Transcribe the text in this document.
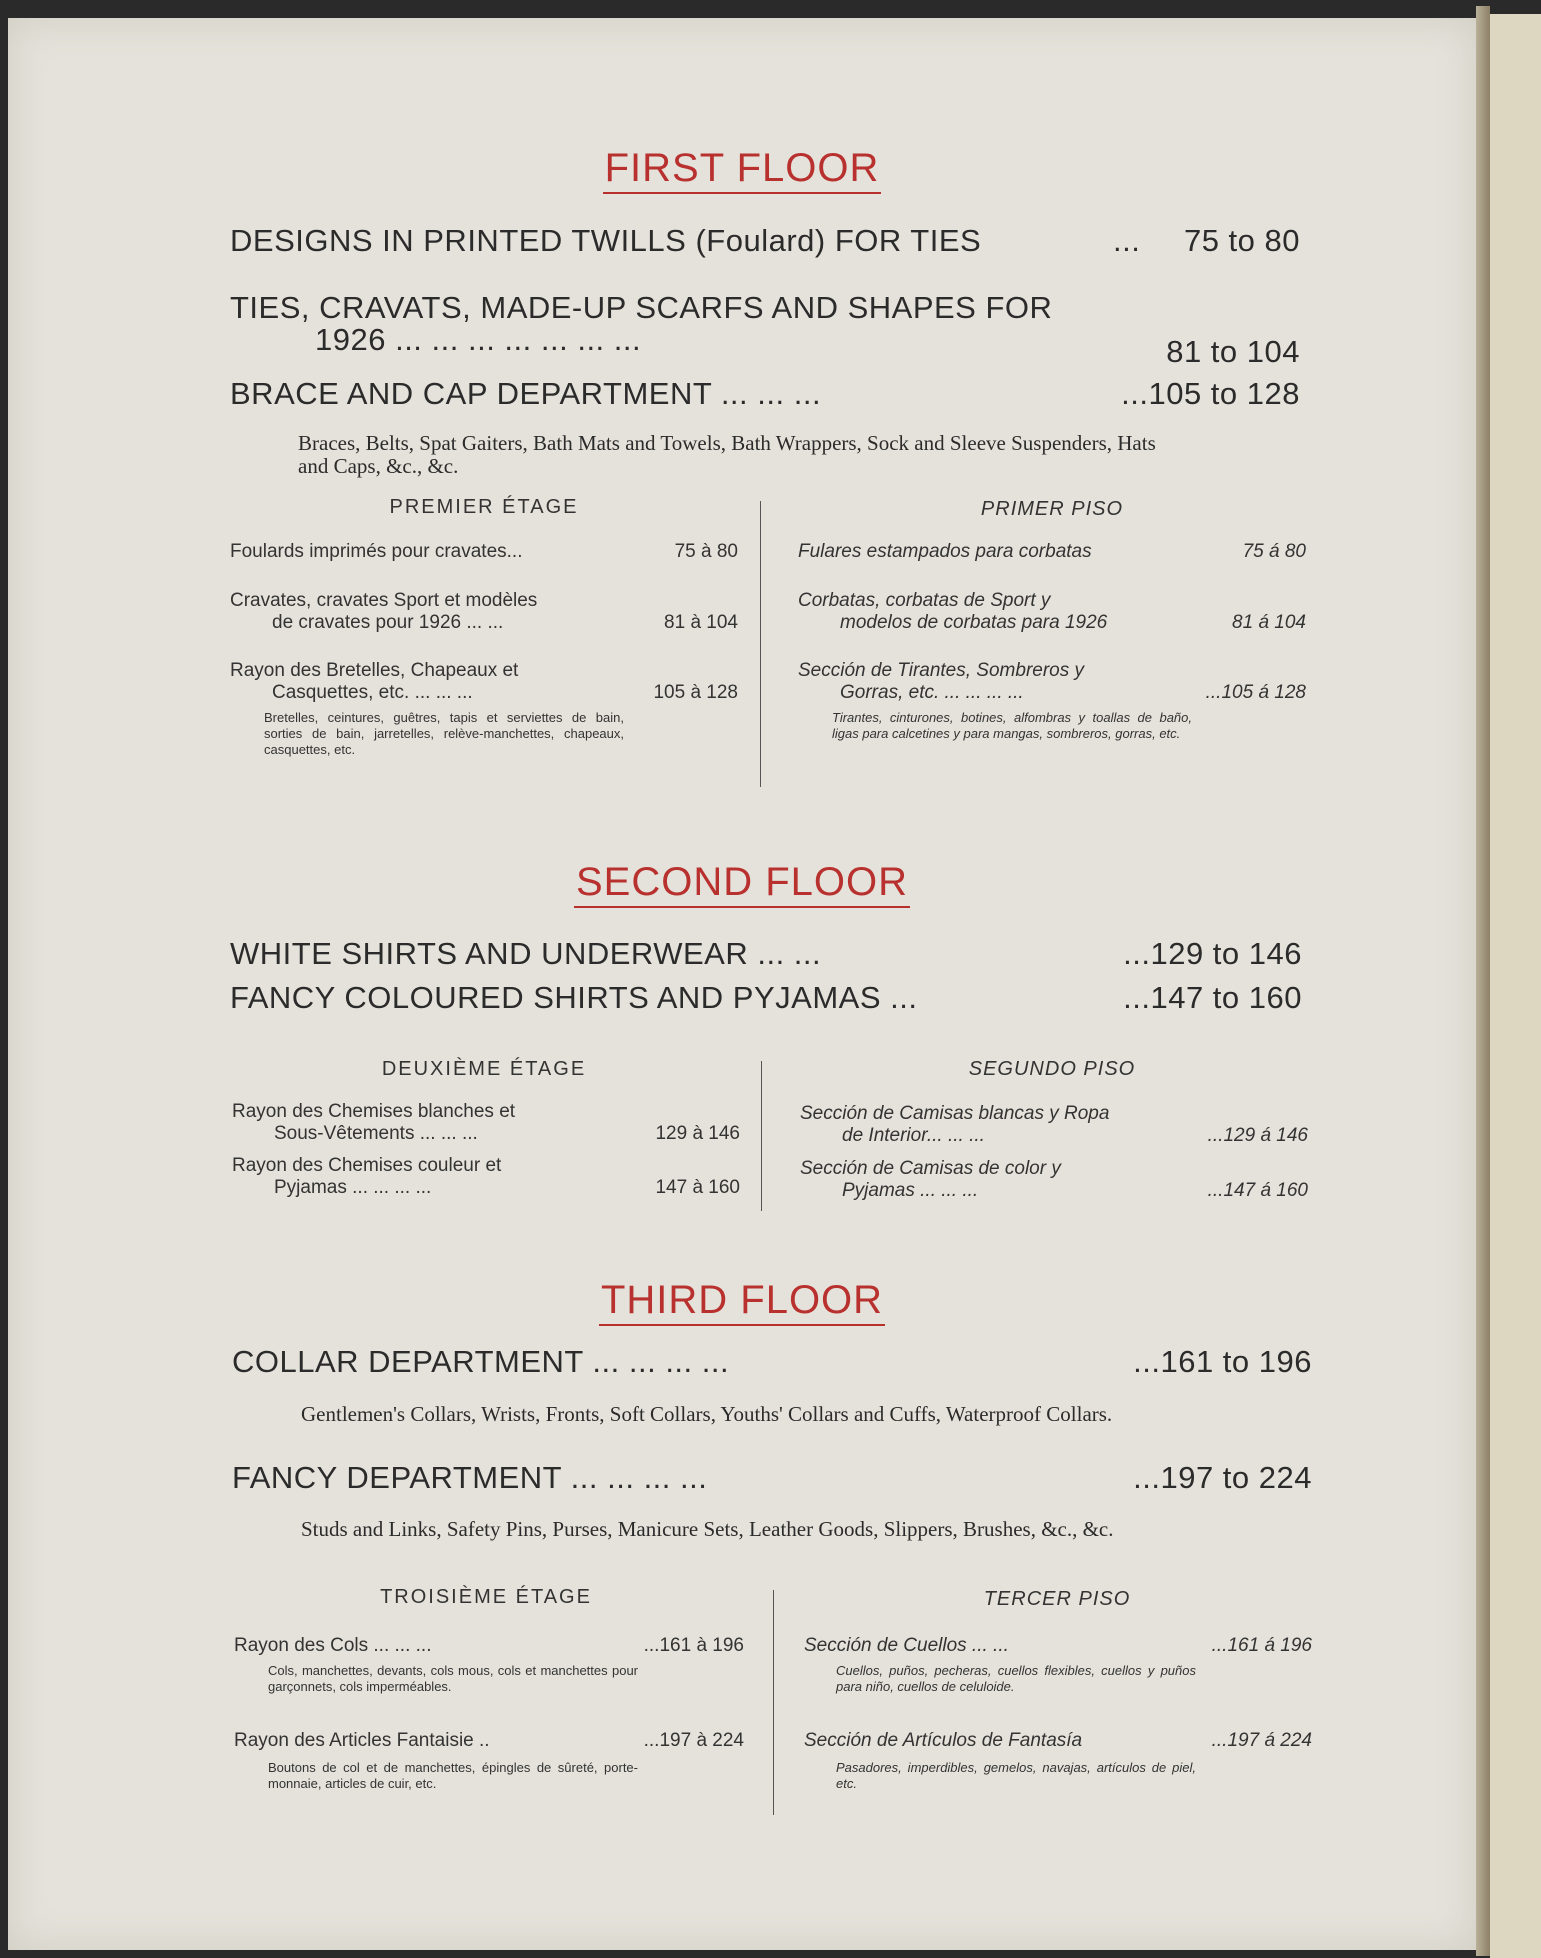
FIRST FLOOR
DESIGNS IN PRINTED TWILLS (Foulard) FOR TIES	... 75 to 80
TIES, CRAVATS, MADE-UP SCARFS AND SHAPES FOR
1926 ... ... ... ... ... ... ...	81 to 104
BRACE AND CAP DEPARTMENT ... ... ...	...105 to 128
Braces, Belts, Spat Gaiters, Bath Mats and Towels, Bath Wrappers, Sock and Sleeve Suspenders, Hats and Caps, &c., &c.
PREMIER ÉTAGE	PRIMER PISO
Foulards imprimés pour cravates...	75 à 80
Cravates, cravates Sport et modèles
de cravates pour 1926 ... ...	81 à 104
Rayon des Bretelles, Chapeaux et
Casquettes, etc. ... ... ...	105 à 128
Bretelles, ceintures, guêtres, tapis et serviettes de bain, sorties de bain, jarretelles, relève-manchettes, chapeaux, casquettes, etc.
Fulares estampados para corbatas	75 á 80
Corbatas, corbatas de Sport y
modelos de corbatas para 1926	81 á 104
Sección de Tirantes, Sombreros y
Gorras, etc. ... ... ... ...	...105 á 128
Tirantes, cinturones, botines, alfombras y toallas de baño, ligas para calcetines y para mangas, sombreros, gorras, etc.
SECOND FLOOR
WHITE SHIRTS AND UNDERWEAR ... ...	...129 to 146
FANCY COLOURED SHIRTS AND PYJAMAS ...	...147 to 160
DEUXIÈME ÉTAGE	SEGUNDO PISO
Rayon des Chemises blanches et
Sous-Vêtements ... ... ...	129 à 146
Rayon des Chemises couleur et
Pyjamas ... ... ... ...	147 à 160
Sección de Camisas blancas y Ropa
de Interior... ... ...	...129 á 146
Sección de Camisas de color y
Pyjamas ... ... ...	...147 á 160
THIRD FLOOR
COLLAR DEPARTMENT ... ... ... ...	...161 to 196
Gentlemen's Collars, Wrists, Fronts, Soft Collars, Youths' Collars and Cuffs, Waterproof Collars.
FANCY DEPARTMENT ... ... ... ...	...197 to 224
Studs and Links, Safety Pins, Purses, Manicure Sets, Leather Goods, Slippers, Brushes, &c., &c.
TROISIÈME ÉTAGE	TERCER PISO
Rayon des Cols ... ... ...	...161 à 196
Cols, manchettes, devants, cols mous, cols et manchettes pour garçonnets, cols imperméables.
Rayon des Articles Fantaisie ..	...197 à 224
Boutons de col et de manchettes, épingles de sûreté, porte-monnaie, articles de cuir, etc.
Sección de Cuellos ... ...	...161 á 196
Cuellos, puños, pecheras, cuellos flexibles, cuellos y puños para niño, cuellos de celuloide.
Sección de Artículos de Fantasía	...197 á 224
Pasadores, imperdibles, gemelos, navajas, artículos de piel, etc.
